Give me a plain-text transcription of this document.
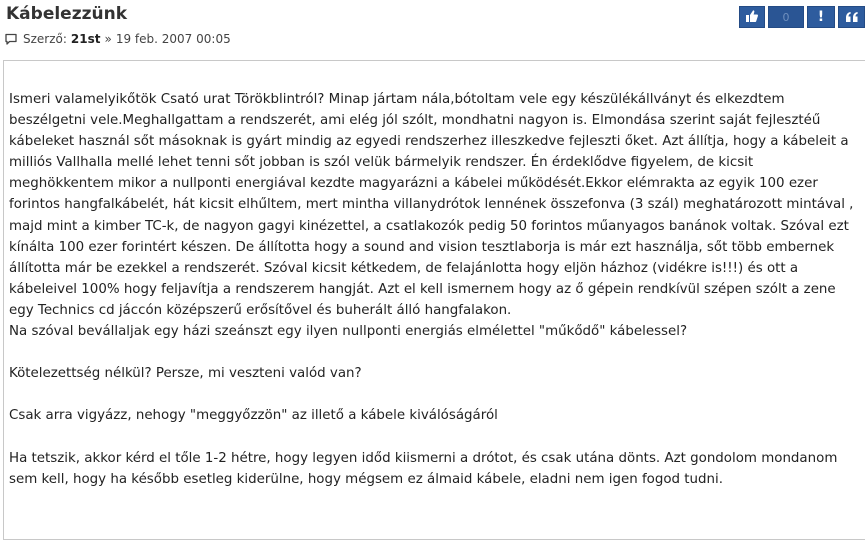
Kábelezzünk
Szerző: 21st » 19 feb. 2007 00:05
0 !

Ismeri valamelyikőtök Csató urat Törökblintról? Minap jártam nála,bótoltam vele egy készülékállványt és elkezdtem beszélgetni vele.Meghallgattam a rendszerét, ami elég jól szólt, mondhatni nagyon is. Elmondása szerint saját fejlesztéű kábeleket használ sőt másoknak is gyárt mindig az egyedi rendszerhez illeszkedve fejleszti őket. Azt állítja, hogy a kábeleit a milliós Vallhalla mellé lehet tenni sőt jobban is szól velük bármelyik rendszer. Én érdeklődve figyelem, de kicsit meghökkentem mikor a nullponti energiával kezdte magyarázni a kábelei működését.Ekkor elémrakta az egyik 100 ezer forintos hangfalkábelét, hát kicsit elhűltem, mert mintha villanydrótok lennének összefonva (3 szál) meghatározott mintával , majd mint a kimber TC-k, de nagyon gagyi kinézettel, a csatlakozók pedig 50 forintos műanyagos banánok voltak. Szóval ezt kínálta 100 ezer forintért készen. De állította hogy a sound and vision tesztlaborja is már ezt használja, sőt több embernek állította már be ezekkel a rendszerét. Szóval kicsit kétkedem, de felajánlotta hogy eljön házhoz (vidékre is!!!) és ott a kábeleivel 100% hogy feljavítja a rendszerem hangját. Azt el kell ismernem hogy az ő gépein rendkívül szépen szólt a zene egy Technics cd jáccón középszerű erősítővel és buherált álló hangfalakon.

Na szóval bevállaljak egy házi szeánszt egy ilyen nullponti energiás elmélettel "műkődő" kábelessel?

Kötelezettség nélkül? Persze, mi veszteni valód van?

Csak arra vigyázz, nehogy "meggyőzzön" az illető a kábele kiválóságáról

Ha tetszik, akkor kérd el tőle 1-2 hétre, hogy legyen időd kiismerni a drótot, és csak utána dönts. Azt gondolom mondanom sem kell, hogy ha később esetleg kiderülne, hogy mégsem ez álmaid kábele, eladni nem igen fogod tudni.
